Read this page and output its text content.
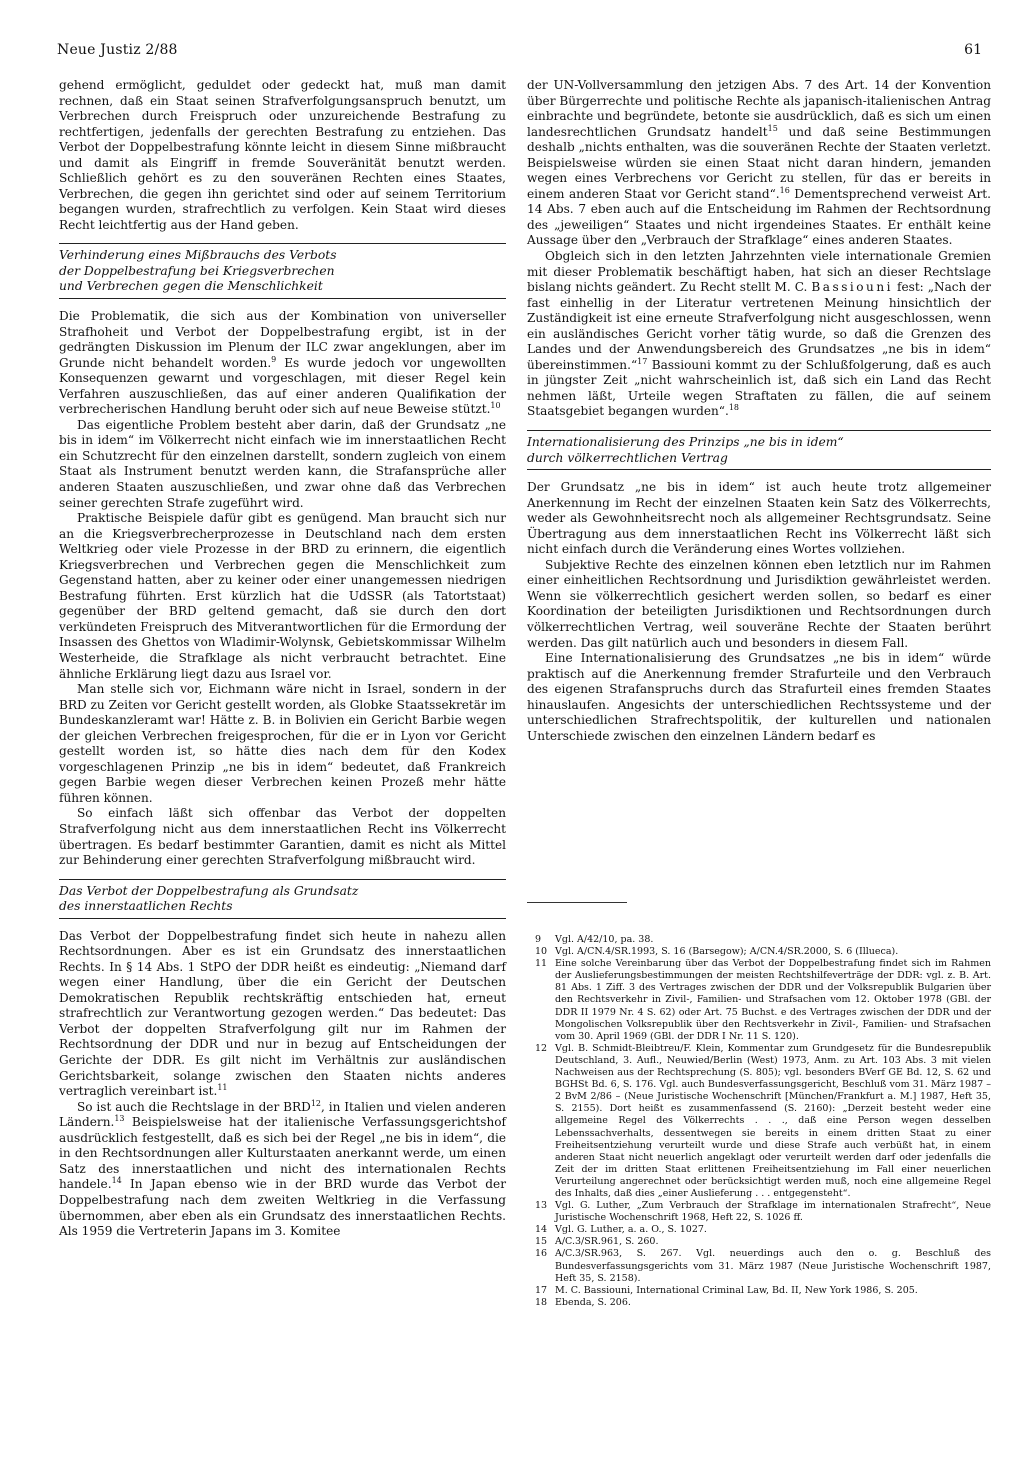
Neue Justiz 2/88	61

gehend ermöglicht, geduldet oder gedeckt hat, muß man damit rechnen, daß ein Staat seinen Strafverfolgungsanspruch benutzt, um Verbrechen durch Freispruch oder unzureichende Bestrafung zu rechtfertigen, jedenfalls der gerechten Bestrafung zu entziehen. Das Verbot der Doppelbestrafung könnte leicht in diesem Sinne mißbraucht und damit als Eingriff in fremde Souveränität benutzt werden. Schließlich gehört es zu den souveränen Rechten eines Staates, Verbrechen, die gegen ihn gerichtet sind oder auf seinem Territorium begangen wurden, strafrechtlich zu verfolgen. Kein Staat wird dieses Recht leichtfertig aus der Hand geben.

Verhinderung eines Mißbrauchs des Verbots
der Doppelbestrafung bei Kriegsverbrechen
und Verbrechen gegen die Menschlichkeit

Die Problematik, die sich aus der Kombination von universeller Strafhoheit und Verbot der Doppelbestrafung ergibt, ist in der gedrängten Diskussion im Plenum der ILC zwar angeklungen, aber im Grunde nicht behandelt worden.$^9$ Es wurde jedoch vor ungewollten Konsequenzen gewarnt und vorgeschlagen, mit dieser Regel kein Verfahren auszuschließen, das auf einer anderen Qualifikation der verbrecherischen Handlung beruht oder sich auf neue Beweise stützt.$^{10}$

Das eigentliche Problem besteht aber darin, daß der Grundsatz „ne bis in idem“ im Völkerrecht nicht einfach wie im innerstaatlichen Recht ein Schutzrecht für den einzelnen darstellt, sondern zugleich von einem Staat als Instrument benutzt werden kann, die Strafansprüche aller anderen Staaten auszuschließen, und zwar ohne daß das Verbrechen seiner gerechten Strafe zugeführt wird.

Praktische Beispiele dafür gibt es genügend. Man braucht sich nur an die Kriegsverbrecherprozesse in Deutschland nach dem ersten Weltkrieg oder viele Prozesse in der BRD zu erinnern, die eigentlich Kriegsverbrechen und Verbrechen gegen die Menschlichkeit zum Gegenstand hatten, aber zu keiner oder einer unangemessen niedrigen Bestrafung führten. Erst kürzlich hat die UdSSR (als Tatortstaat) gegenüber der BRD geltend gemacht, daß sie durch den dort verkündeten Freispruch des Mitverantwortlichen für die Ermordung der Insassen des Ghettos von Wladimir-Wolynsk, Gebietskommissar Wilhelm Westerheide, die Strafklage als nicht verbraucht betrachtet. Eine ähnliche Erklärung liegt dazu aus Israel vor.

Man stelle sich vor, Eichmann wäre nicht in Israel, sondern in der BRD zu Zeiten vor Gericht gestellt worden, als Globke Staatssekretär im Bundeskanzleramt war! Hätte z. B. in Bolivien ein Gericht Barbie wegen der gleichen Verbrechen freigesprochen, für die er in Lyon vor Gericht gestellt worden ist, so hätte dies nach dem für den Kodex vorgeschlagenen Prinzip „ne bis in idem“ bedeutet, daß Frankreich gegen Barbie wegen dieser Verbrechen keinen Prozeß mehr hätte führen können.

So einfach läßt sich offenbar das Verbot der doppelten Strafverfolgung nicht aus dem innerstaatlichen Recht ins Völkerrecht übertragen. Es bedarf bestimmter Garantien, damit es nicht als Mittel zur Behinderung einer gerechten Strafverfolgung mißbraucht wird.

Das Verbot der Doppelbestrafung als Grundsatz
des innerstaatlichen Rechts

Das Verbot der Doppelbestrafung findet sich heute in nahezu allen Rechtsordnungen. Aber es ist ein Grundsatz des innerstaatlichen Rechts. In § 14 Abs. 1 StPO der DDR heißt es eindeutig: „Niemand darf wegen einer Handlung, über die ein Gericht der Deutschen Demokratischen Republik rechtskräftig entschieden hat, erneut strafrechtlich zur Verantwortung gezogen werden.“ Das bedeutet: Das Verbot der doppelten Strafverfolgung gilt nur im Rahmen der Rechtsordnung der DDR und nur in bezug auf Entscheidungen der Gerichte der DDR. Es gilt nicht im Verhältnis zur ausländischen Gerichtsbarkeit, solange zwischen den Staaten nichts anderes vertraglich vereinbart ist.$^{11}$

So ist auch die Rechtslage in der BRD$^{12}$, in Italien und vielen anderen Ländern.$^{13}$ Beispielsweise hat der italienische Verfassungsgerichtshof ausdrücklich festgestellt, daß es sich bei der Regel „ne bis in idem“, die in den Rechtsordnungen aller Kulturstaaten anerkannt werde, um einen Satz des innerstaatlichen und nicht des internationalen Rechts handele.$^{14}$ In Japan ebenso wie in der BRD wurde das Verbot der Doppelbestrafung nach dem zweiten Weltkrieg in die Verfassung übernommen, aber eben als ein Grundsatz des innerstaatlichen Rechts. Als 1959 die Vertreterin Japans im 3. Komitee

der UN-Vollversammlung den jetzigen Abs. 7 des Art. 14 der Konvention über Bürgerrechte und politische Rechte als japanisch-italienischen Antrag einbrachte und begründete, betonte sie ausdrücklich, daß es sich um einen landesrechtlichen Grundsatz handelt$^{15}$ und daß seine Bestimmungen deshalb „nichts enthalten, was die souveränen Rechte der Staaten verletzt. Beispielsweise würden sie einen Staat nicht daran hindern, jemanden wegen eines Verbrechens vor Gericht zu stellen, für das er bereits in einem anderen Staat vor Gericht stand“.$^{16}$ Dementsprechend verweist Art. 14 Abs. 7 eben auch auf die Entscheidung im Rahmen der Rechtsordnung des „jeweiligen“ Staates und nicht irgendeines Staates. Er enthält keine Aussage über den „Verbrauch der Strafklage“ eines anderen Staates.

Obgleich sich in den letzten Jahrzehnten viele internationale Gremien mit dieser Problematik beschäftigt haben, hat sich an dieser Rechtslage bislang nichts geändert. Zu Recht stellt M. C. Bassiouni fest: „Nach der fast einhellig in der Literatur vertretenen Meinung hinsichtlich der Zuständigkeit ist eine erneute Strafverfolgung nicht ausgeschlossen, wenn ein ausländisches Gericht vorher tätig wurde, so daß die Grenzen des Landes und der Anwendungsbereich des Grundsatzes „ne bis in idem“ übereinstimmen.“$^{17}$ Bassiouni kommt zu der Schlußfolgerung, daß es auch in jüngster Zeit „nicht wahrscheinlich ist, daß sich ein Land das Recht nehmen läßt, Urteile wegen Straftaten zu fällen, die auf seinem Staatsgebiet begangen wurden“.$^{18}$

Internationalisierung des Prinzips „ne bis in idem“
durch völkerrechtlichen Vertrag

Der Grundsatz „ne bis in idem“ ist auch heute trotz allgemeiner Anerkennung im Recht der einzelnen Staaten kein Satz des Völkerrechts, weder als Gewohnheitsrecht noch als allgemeiner Rechtsgrundsatz. Seine Übertragung aus dem innerstaatlichen Recht ins Völkerrecht läßt sich nicht einfach durch die Veränderung eines Wortes vollziehen.

Subjektive Rechte des einzelnen können eben letztlich nur im Rahmen einer einheitlichen Rechtsordnung und Jurisdiktion gewährleistet werden. Wenn sie völkerrechtlich gesichert werden sollen, so bedarf es einer Koordination der beteiligten Jurisdiktionen und Rechtsordnungen durch völkerrechtlichen Vertrag, weil souveräne Rechte der Staaten berührt werden. Das gilt natürlich auch und besonders in diesem Fall.

Eine Internationalisierung des Grundsatzes „ne bis in idem“ würde praktisch auf die Anerkennung fremder Strafurteile und den Verbrauch des eigenen Strafanspruchs durch das Strafurteil eines fremden Staates hinauslaufen. Angesichts der unterschiedlichen Rechtssysteme und der unterschiedlichen Strafrechtspolitik, der kulturellen und nationalen Unterschiede zwischen den einzelnen Ländern bedarf es

9	Vgl. A/42/10, pa. 38.
10 Vgl. A/CN.4/SR.1993, S. 16 (Barsegow); A/CN.4/SR.2000, S. 6 (Illueca).
11 Eine solche Vereinbarung über das Verbot der Doppelbestrafung findet sich im Rahmen der Auslieferungsbestimmungen der meisten Rechtshilfeverträge der DDR: vgl. z. B. Art. 81 Abs. 1 Ziff. 3 des Vertrages zwischen der DDR und der Volksrepublik Bulgarien über den Rechtsverkehr in Zivil-, Familien- und Strafsachen vom 12. Oktober 1978 (GBl. der DDR II 1979 Nr. 4 S. 62) oder Art. 75 Buchst. e des Vertrages zwischen der DDR und der Mongolischen Volksrepublik über den Rechtsverkehr in Zivil-, Familien- und Strafsachen vom 30. April 1969 (GBl. der DDR I Nr. 11 S. 120).
12 Vgl. B. Schmidt-Bleibtreu/F. Klein, Kommentar zum Grundgesetz für die Bundesrepublik Deutschland, 3. Aufl., Neuwied/Berlin (West) 1973, Anm. zu Art. 103 Abs. 3 mit vielen Nachweisen aus der Rechtsprechung (S. 805); vgl. besonders BVerf GE Bd. 12, S. 62 und BGHSt Bd. 6, S. 176. Vgl. auch Bundesverfassungsgericht, Beschluß vom 31. März 1987 – 2 BvM 2/86 – (Neue Juristische Wochenschrift [München/Frankfurt a. M.] 1987, Heft 35, S. 2155). Dort heißt es zusammenfassend (S. 2160): „Derzeit besteht weder eine allgemeine Regel des Völkerrechts . . ., daß eine Person wegen desselben Lebenssachverhalts, dessentwegen sie bereits in einem dritten Staat zu einer Freiheitsentziehung verurteilt wurde und diese Strafe auch verbüßt hat, in einem anderen Staat nicht neuerlich angeklagt oder verurteilt werden darf oder jedenfalls die Zeit der im dritten Staat erlittenen Freiheitsentziehung im Fall einer neuerlichen Verurteilung angerechnet oder berücksichtigt werden muß, noch eine allgemeine Regel des Inhalts, daß dies „einer Auslieferung . . . entgegensteht“.
13 Vgl. G. Luther, „Zum Verbrauch der Strafklage im internationalen Strafrecht“, Neue Juristische Wochenschrift 1968, Heft 22, S. 1026 ff.
14 Vgl. G. Luther, a. a. O., S. 1027.
15 A/C.3/SR.961, S. 260.
16 A/C.3/SR.963, S. 267. Vgl. neuerdings auch den o. g. Beschluß des Bundesverfassungsgerichts vom 31. März 1987 (Neue Juristische Wochenschrift 1987, Heft 35, S. 2158).
17 M. C. Bassiouni, International Criminal Law, Bd. II, New York 1986, S. 205.
18 Ebenda, S. 206.
